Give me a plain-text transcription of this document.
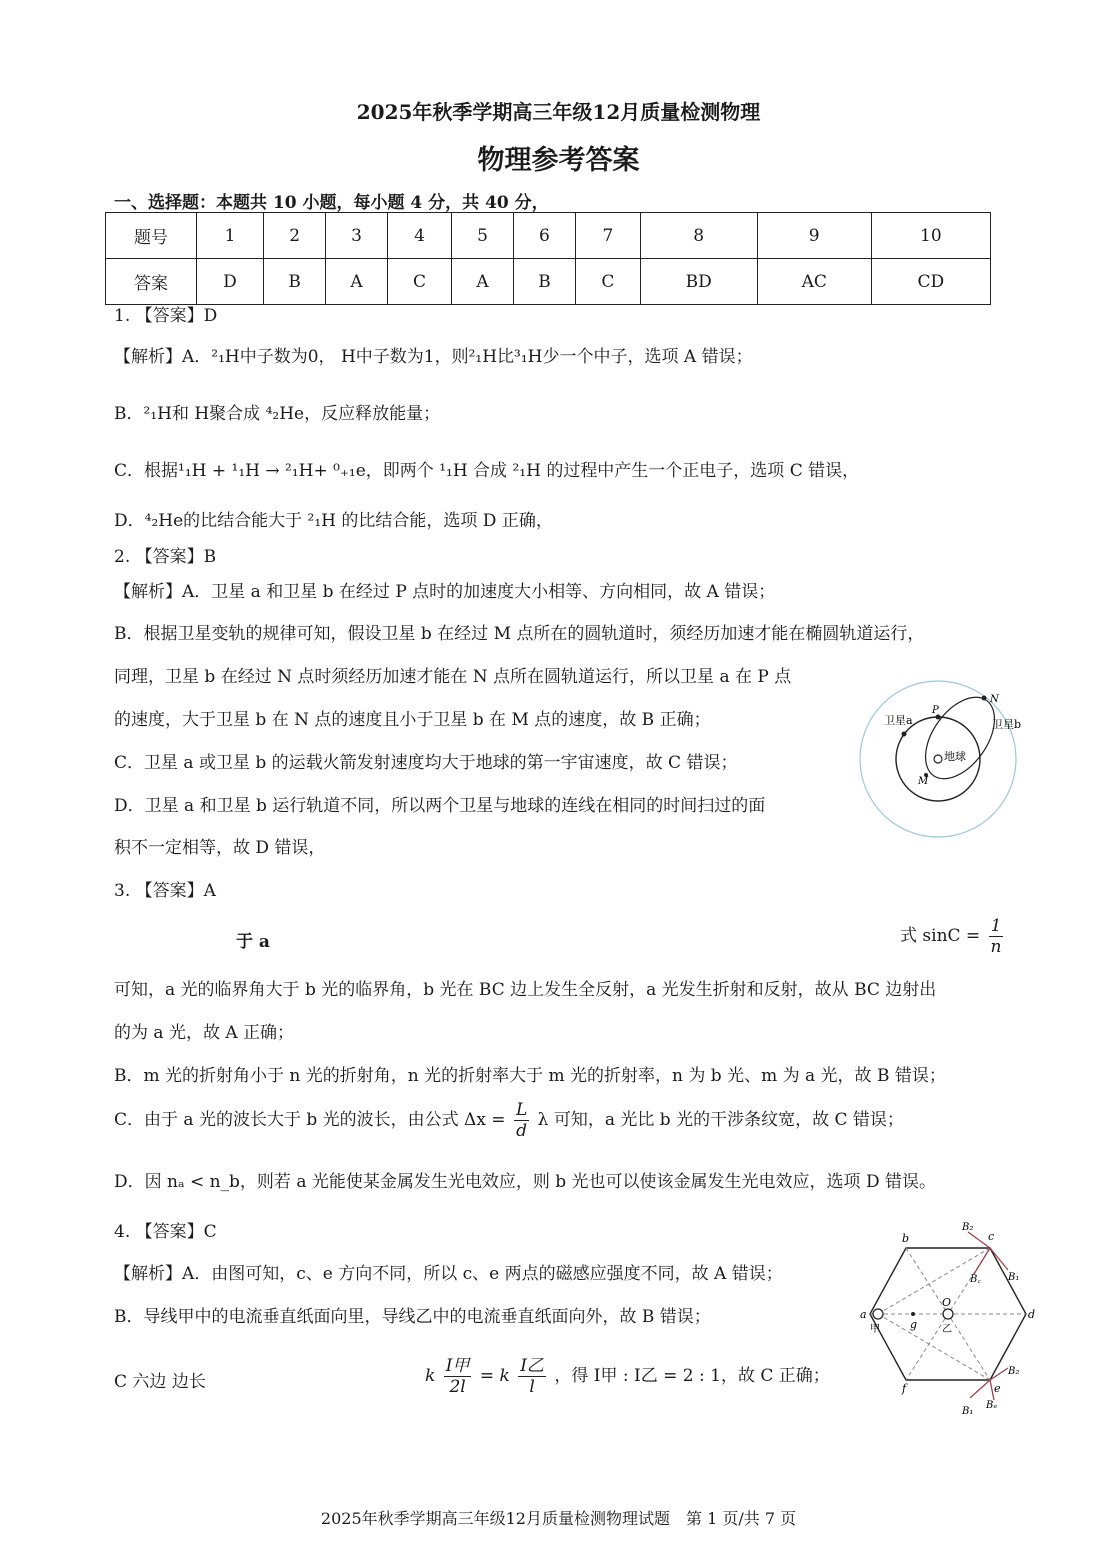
2025年秋季学期高三年级12月质量检测物理
物理参考答案
一、选择题：本题共 10 小题，每小题 4 分，共 40 分，
题号	1	2	3	4	5	6	7	8	9	10
答案	D	B	A	C	A	B	C	BD	AC	CD
1. 【答案】D
【解析】A．²₁H中子数为0， H中子数为1，则²₁H比³₁H少一个中子，选项 A 错误；
B．²₁H和 H聚合成 ⁴₂He，反应释放能量；
C．根据¹₁H + ¹₁H → ²₁H+ ⁰₊₁e，即两个 ¹₁H 合成 ²₁H 的过程中产生一个正电子，选项 C 错误，
D．⁴₂He的比结合能大于 ²₁H 的比结合能，选项 D 正确，
2. 【答案】B
【解析】A．卫星 a 和卫星 b 在经过 P 点时的加速度大小相等、方向相同，故 A 错误；
B．根据卫星变轨的规律可知，假设卫星 b 在经过 M 点所在的圆轨道时，须经历加速才能在椭圆轨道运行，
同理，卫星 b 在经过 N 点时须经历加速才能在 N 点所在圆轨道运行，所以卫星 a 在 P 点
的速度，大于卫星 b 在 N 点的速度且小于卫星 b 在 M 点的速度，故 B 正确；
C．卫星 a 或卫星 b 的运载火箭发射速度均大于地球的第一宇宙速度，故 C 错误；
D．卫星 a 和卫星 b 运行轨道不同，所以两个卫星与地球的连线在相同的时间扫过的面
积不一定相等，故 D 错误，
卫星a	卫星b
地球
P
M
N
3. 【答案】A
于 a	式 $\sin C = \frac{1}{n}$
可知，a 光的临界角大于 b 光的临界角，b 光在 BC 边上发生全反射，a 光发生折射和反射，故从 BC 边射出
的为 a 光，故 A 正确；
B．m 光的折射角小于 n 光的折射角，n 光的折射率大于 m 光的折射率，n 为 b 光、m 为 a 光，故 B 错误；
C．由于 a 光的波长大于 b 光的波长，由公式 $\Delta x = \frac{L}{d}$ λ 可知，a 光比 b 光的干涉条纹宽，故 C 错误；
D．因 nₐ < n_b，则若 a 光能使某金属发生光电效应，则 b 光也可以使该金属发生光电效应，选项 D 错误。
4. 【答案】C
【解析】A．由图可知，c、e 方向不同，所以 c、e 两点的磁感应强度不同，故 A 错误；
B．导线甲中的电流垂直纸面向里，导线乙中的电流垂直纸面向外，故 B 错误；
C 六边 边长	k $\frac{\text{I甲}}{2l} = k \frac{\text{I乙}}{l}$ ，得 I甲 : I乙 = 2 : 1，故 C 正确；
b	c
a	d
f	e
g
O
B₂
B₁
B꜀
B₂
B₁
Bₑ
甲	乙
2025年秋季学期高三年级12月质量检测物理试题　第 1 页/共 7 页
